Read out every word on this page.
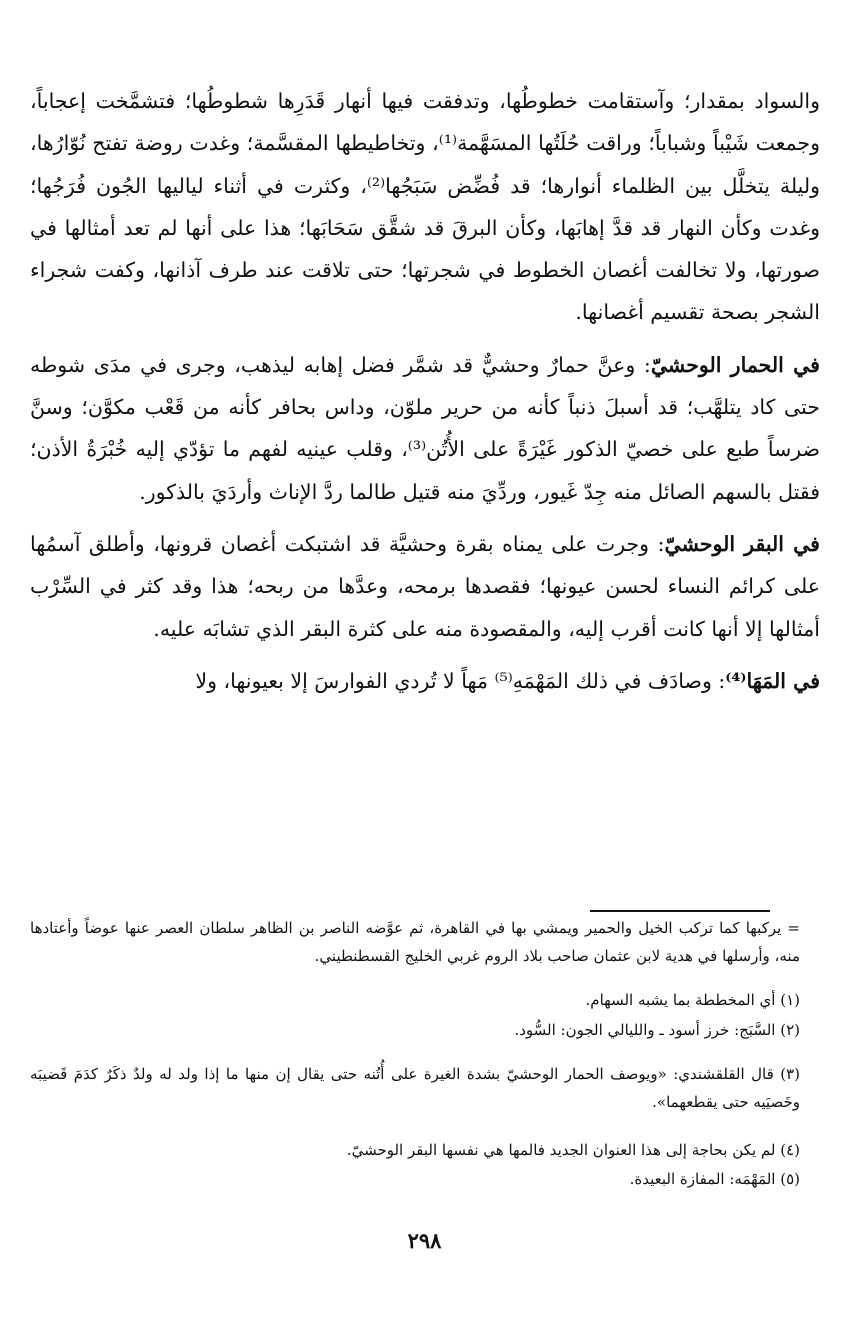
والسواد بمقدار؛ وآستقامت خطوطُها، وتدفقت فيها أنهار قَدَرِها شطوطُها؛ فتشمَّخت إعجاباً، وجمعت شَيْباً وشباباً؛ وراقت حُلَتُها المسَهَّمة⁽¹⁾، وتخاطيطها المقسَّمة؛ وغدت روضة تفتح نُوّارُها، وليلة يتخلَّل بين الظلماء أنوارها؛ قد فُضِّض سَبَجُها⁽²⁾، وكثرت في أثناء لياليها الجُون فُرَجُها؛ وغدت وكأن النهار قد قدَّ إهابَها، وكأن البرقَ قد شقَّق سَحَابَها؛ هذا على أنها لم تعد أمثالها في صورتها، ولا تخالفت أغصان الخطوط في شجرتها؛ حتى تلاقت عند طرف آذانها، وكفت شجراء الشجر بصحة تقسيم أغصانها.

في الحمار الوحشيّ: وعنَّ حمارٌ وحشيٌّ قد شمَّر فضل إهابه ليذهب، وجرى في مدَى شوطه حتى كاد يتلهَّب؛ قد أسبلَ ذنباً كأنه من حرير ملوّن، وداس بحافر كأنه من قَعْب مكوَّن؛ وسنَّ ضرساً طبع على خصيّ الذكور غَيْرَةً على الأُتُن⁽³⁾، وقلب عينيه لفهم ما تؤدّي إليه خُبْرَةُ الأذن؛ فقتل بالسهم الصائل منه جِدّ غَيور، وردِّيَ منه قتيل طالما ردَّ الإناث وأردَيَ بالذكور.

في البقر الوحشيّ: وجرت على يمناه بقرة وحشيَّة قد اشتبكت أغصان قرونها، وأطلق آسمُها على كرائم النساء لحسن عيونها؛ فقصدها برمحه، وعدَّها من ربحه؛ هذا وقد كثر في السِّرْب أمثالها إلا أنها كانت أقرب إليه، والمقصودة منه على كثرة البقر الذي تشابَه عليه.

في المَهَا⁽⁴⁾: وصادَف في ذلك المَهْمَهِ⁽⁵⁾ مَهاً لا تُردي الفوارسَ إلا بعيونها، ولا

= يركبها كما تركب الخيل والحمير ويمشي بها في القاهرة، ثم عوَّضه الناصر بن الظاهر سلطان العصر عنها عوضاً وأعتادها منه، وأرسلها في هدية لابن عثمان صاحب بلاد الروم غربي الخليج القسطنطيني.
(١) أي المخططة بما يشبه السهام.
(٢) السَّبَج: خرز أسود ـ والليالي الجون: السُّود.
(٣) قال القلقشندي: «ويوصف الحمار الوحشيّ بشدة الغيرة على أُتُنه حتى يقال إن منها ما إذا ولد له ولدٌ ذكَرٌ كدَمَ قَضيبَه وخَصيَيه حتى يقطعهما».
(٤) لم يكن بحاجة إلى هذا العنوان الجديد فالمها هي نفسها البقر الوحشيّ.
(٥) المَهْمَه: المفازة البعيدة.
٢٩٨
